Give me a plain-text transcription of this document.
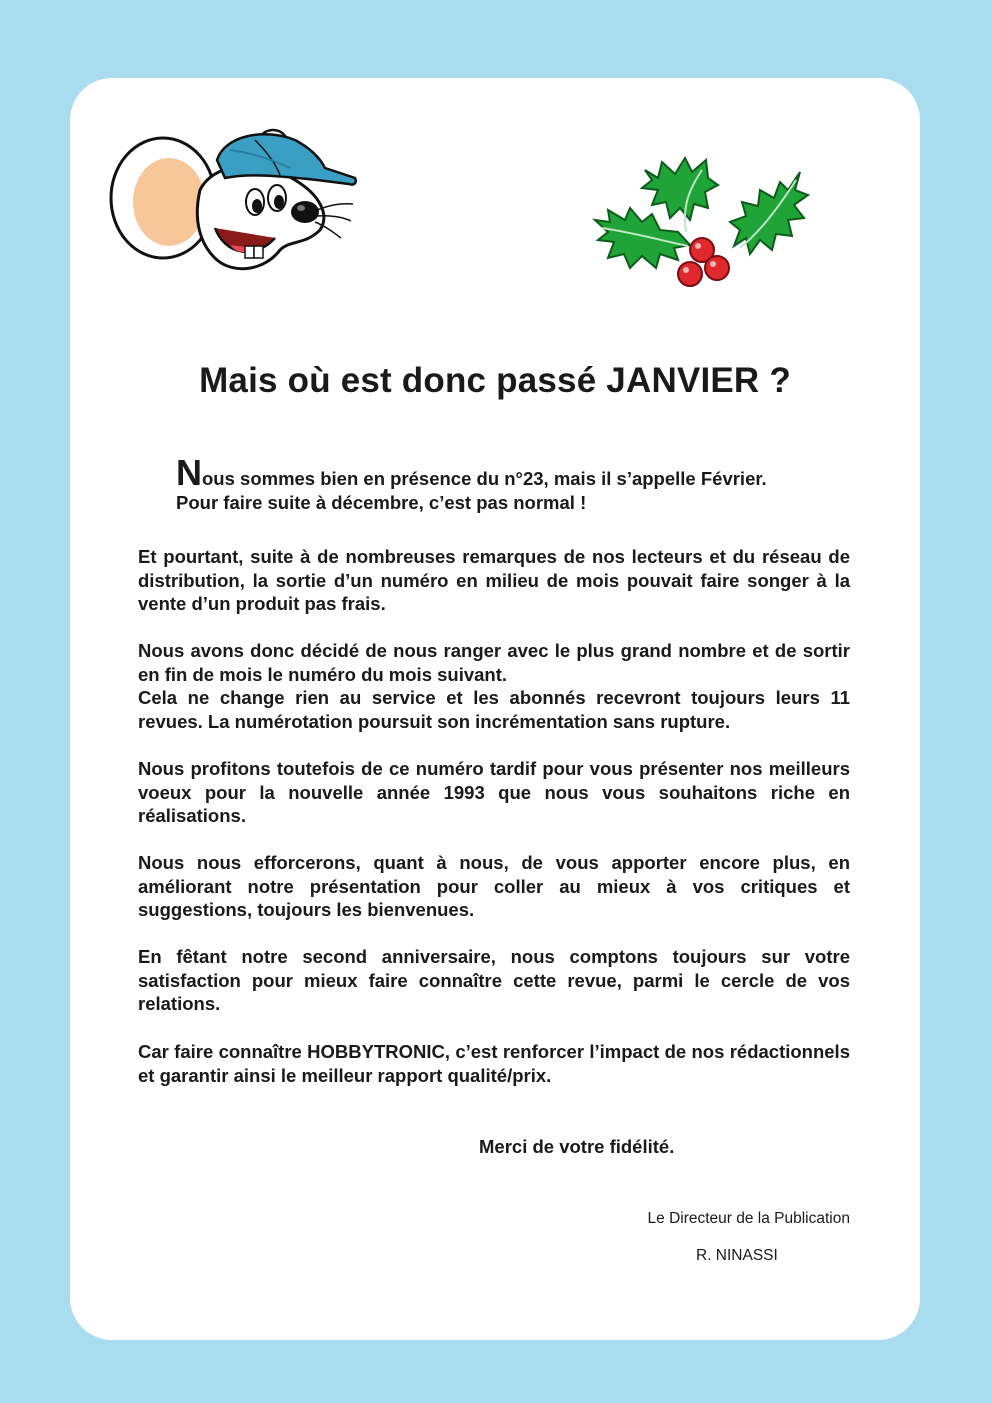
Mais où est donc passé JANVIER ?

Nous sommes bien en présence du n°23, mais il s’appelle Février.
Pour faire suite à décembre, c’est pas normal !

Et pourtant, suite à de nombreuses remarques de nos lecteurs et du réseau de distribution, la sortie d’un numéro en milieu de mois pouvait faire songer à la vente d’un produit pas frais.

Nous avons donc décidé de nous ranger avec le plus grand nombre et de sortir en fin de mois le numéro du mois suivant.
Cela ne change rien au service et les abonnés recevront toujours leurs 11 revues. La numérotation poursuit son incrémentation sans rupture.

Nous profitons toutefois de ce numéro tardif pour vous présenter nos meilleurs voeux pour la nouvelle année 1993 que nous vous souhaitons riche en réalisations.

Nous nous efforcerons, quant à nous, de vous apporter encore plus, en améliorant notre présentation pour coller au mieux à vos critiques et suggestions, toujours les bienvenues.

En fêtant notre second anniversaire, nous comptons toujours sur votre satisfaction pour mieux faire connaître cette revue, parmi le cercle de vos relations.

Car faire connaître HOBBYTRONIC, c’est renforcer l’impact de nos rédactionnels et garantir ainsi le meilleur rapport qualité/prix.

Merci de votre fidélité.

Le Directeur de la Publication

R. NINASSI
